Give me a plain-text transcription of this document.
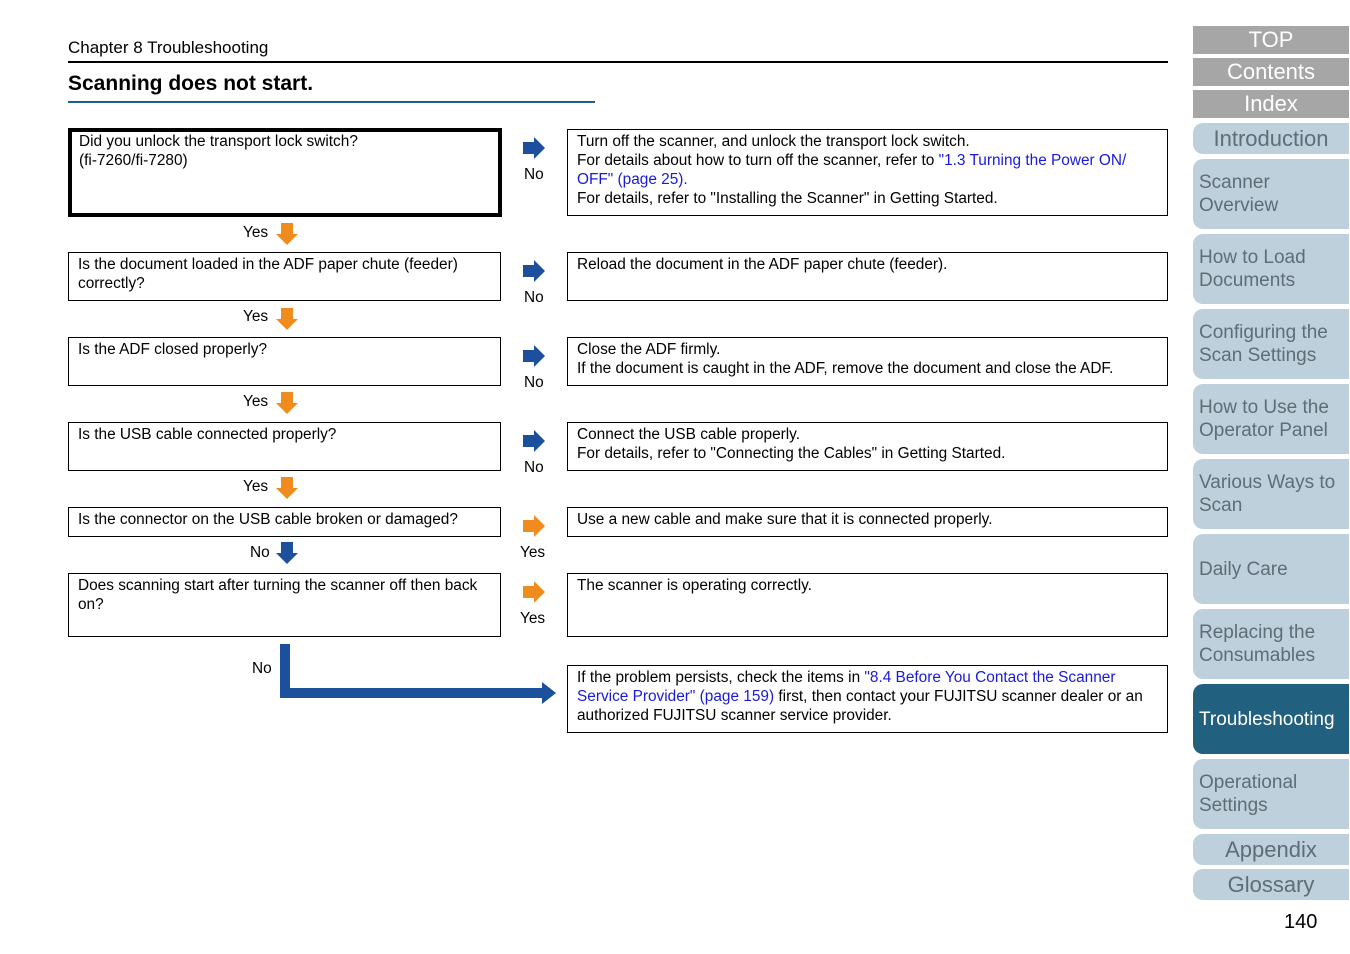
Chapter 8 Troubleshooting
Scanning does not start.
Did you unlock the transport lock switch?
(fi-7260/fi-7280)
No
Turn off the scanner, and unlock the transport lock switch.
For details about how to turn off the scanner, refer to "1.3 Turning the Power ON/ OFF" (page 25).
For details, refer to "Installing the Scanner" in Getting Started.
Yes
Is the document loaded in the ADF paper chute (feeder) correctly?
No
Reload the document in the ADF paper chute (feeder).
Yes
Is the ADF closed properly?
No
Close the ADF firmly.
If the document is caught in the ADF, remove the document and close the ADF.
Yes
Is the USB cable connected properly?
No
Connect the USB cable properly.
For details, refer to "Connecting the Cables" in Getting Started.
Yes
Is the connector on the USB cable broken or damaged?
Yes
Use a new cable and make sure that it is connected properly.
No
Does scanning start after turning the scanner off then back on?
Yes
The scanner is operating correctly.
No
If the problem persists, check the items in "8.4 Before You Contact the Scanner Service Provider" (page 159) first, then contact your FUJITSU scanner dealer or an authorized FUJITSU scanner service provider.
TOP
Contents
Index
Introduction
Scanner Overview
How to Load Documents
Configuring the Scan Settings
How to Use the Operator Panel
Various Ways to Scan
Daily Care
Replacing the Consumables
Troubleshooting
Operational Settings
Appendix
Glossary
140
